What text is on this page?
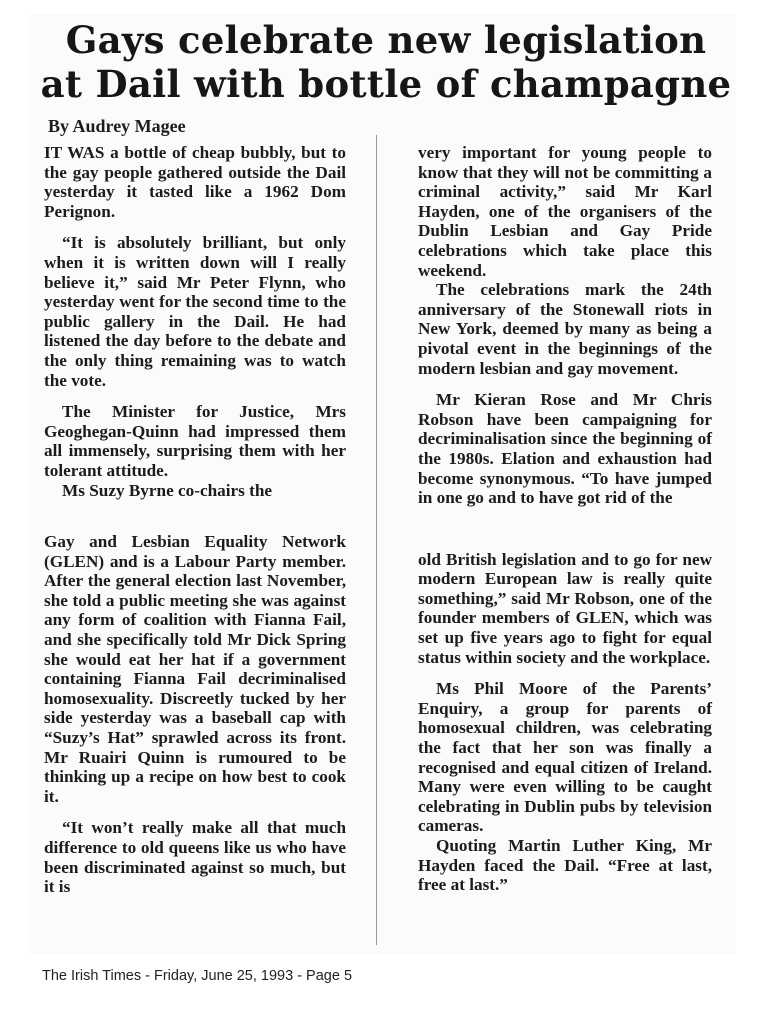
Gays celebrate new legislation
at Dail with bottle of champagne

By Audrey Magee

IT WAS a bottle of cheap bubbly, but to the gay people gathered outside the Dail yesterday it tasted like a 1962 Dom Perignon.

“It is absolutely brilliant, but only when it is written down will I really believe it,” said Mr Peter Flynn, who yesterday went for the second time to the public gallery in the Dail. He had listened the day before to the debate and the only thing remaining was to watch the vote.

The Minister for Justice, Mrs Geoghegan-Quinn had impressed them all immensely, surprising them with her tolerant attitude.

Ms Suzy Byrne co-chairs the

Gay and Lesbian Equality Network (GLEN) and is a Labour Party member. After the general election last November, she told a public meeting she was against any form of coalition with Fianna Fail, and she specifically told Mr Dick Spring she would eat her hat if a government containing Fianna Fail decriminalised homosexuality. Discreetly tucked by her side yesterday was a baseball cap with “Suzy’s Hat” sprawled across its front. Mr Ruairi Quinn is rumoured to be thinking up a recipe on how best to cook it.

“It won’t really make all that much difference to old queens like us who have been discriminated against so much, but it is

very important for young people to know that they will not be committing a criminal activity,” said Mr Karl Hayden, one of the organisers of the Dublin Lesbian and Gay Pride celebrations which take place this weekend.

The celebrations mark the 24th anniversary of the Stonewall riots in New York, deemed by many as being a pivotal event in the beginnings of the modern lesbian and gay movement.

Mr Kieran Rose and Mr Chris Robson have been campaigning for decriminalisation since the beginning of the 1980s. Elation and exhaustion had become synonymous. “To have jumped in one go and to have got rid of the

old British legislation and to go for new modern European law is really quite something,” said Mr Robson, one of the founder members of GLEN, which was set up five years ago to fight for equal status within society and the workplace.

Ms Phil Moore of the Parents’ Enquiry, a group for parents of homosexual children, was celebrating the fact that her son was finally a recognised and equal citizen of Ireland. Many were even willing to be caught celebrating in Dublin pubs by television cameras.

Quoting Martin Luther King, Mr Hayden faced the Dail. “Free at last, free at last.”

The Irish Times - Friday, June 25, 1993 - Page 5
